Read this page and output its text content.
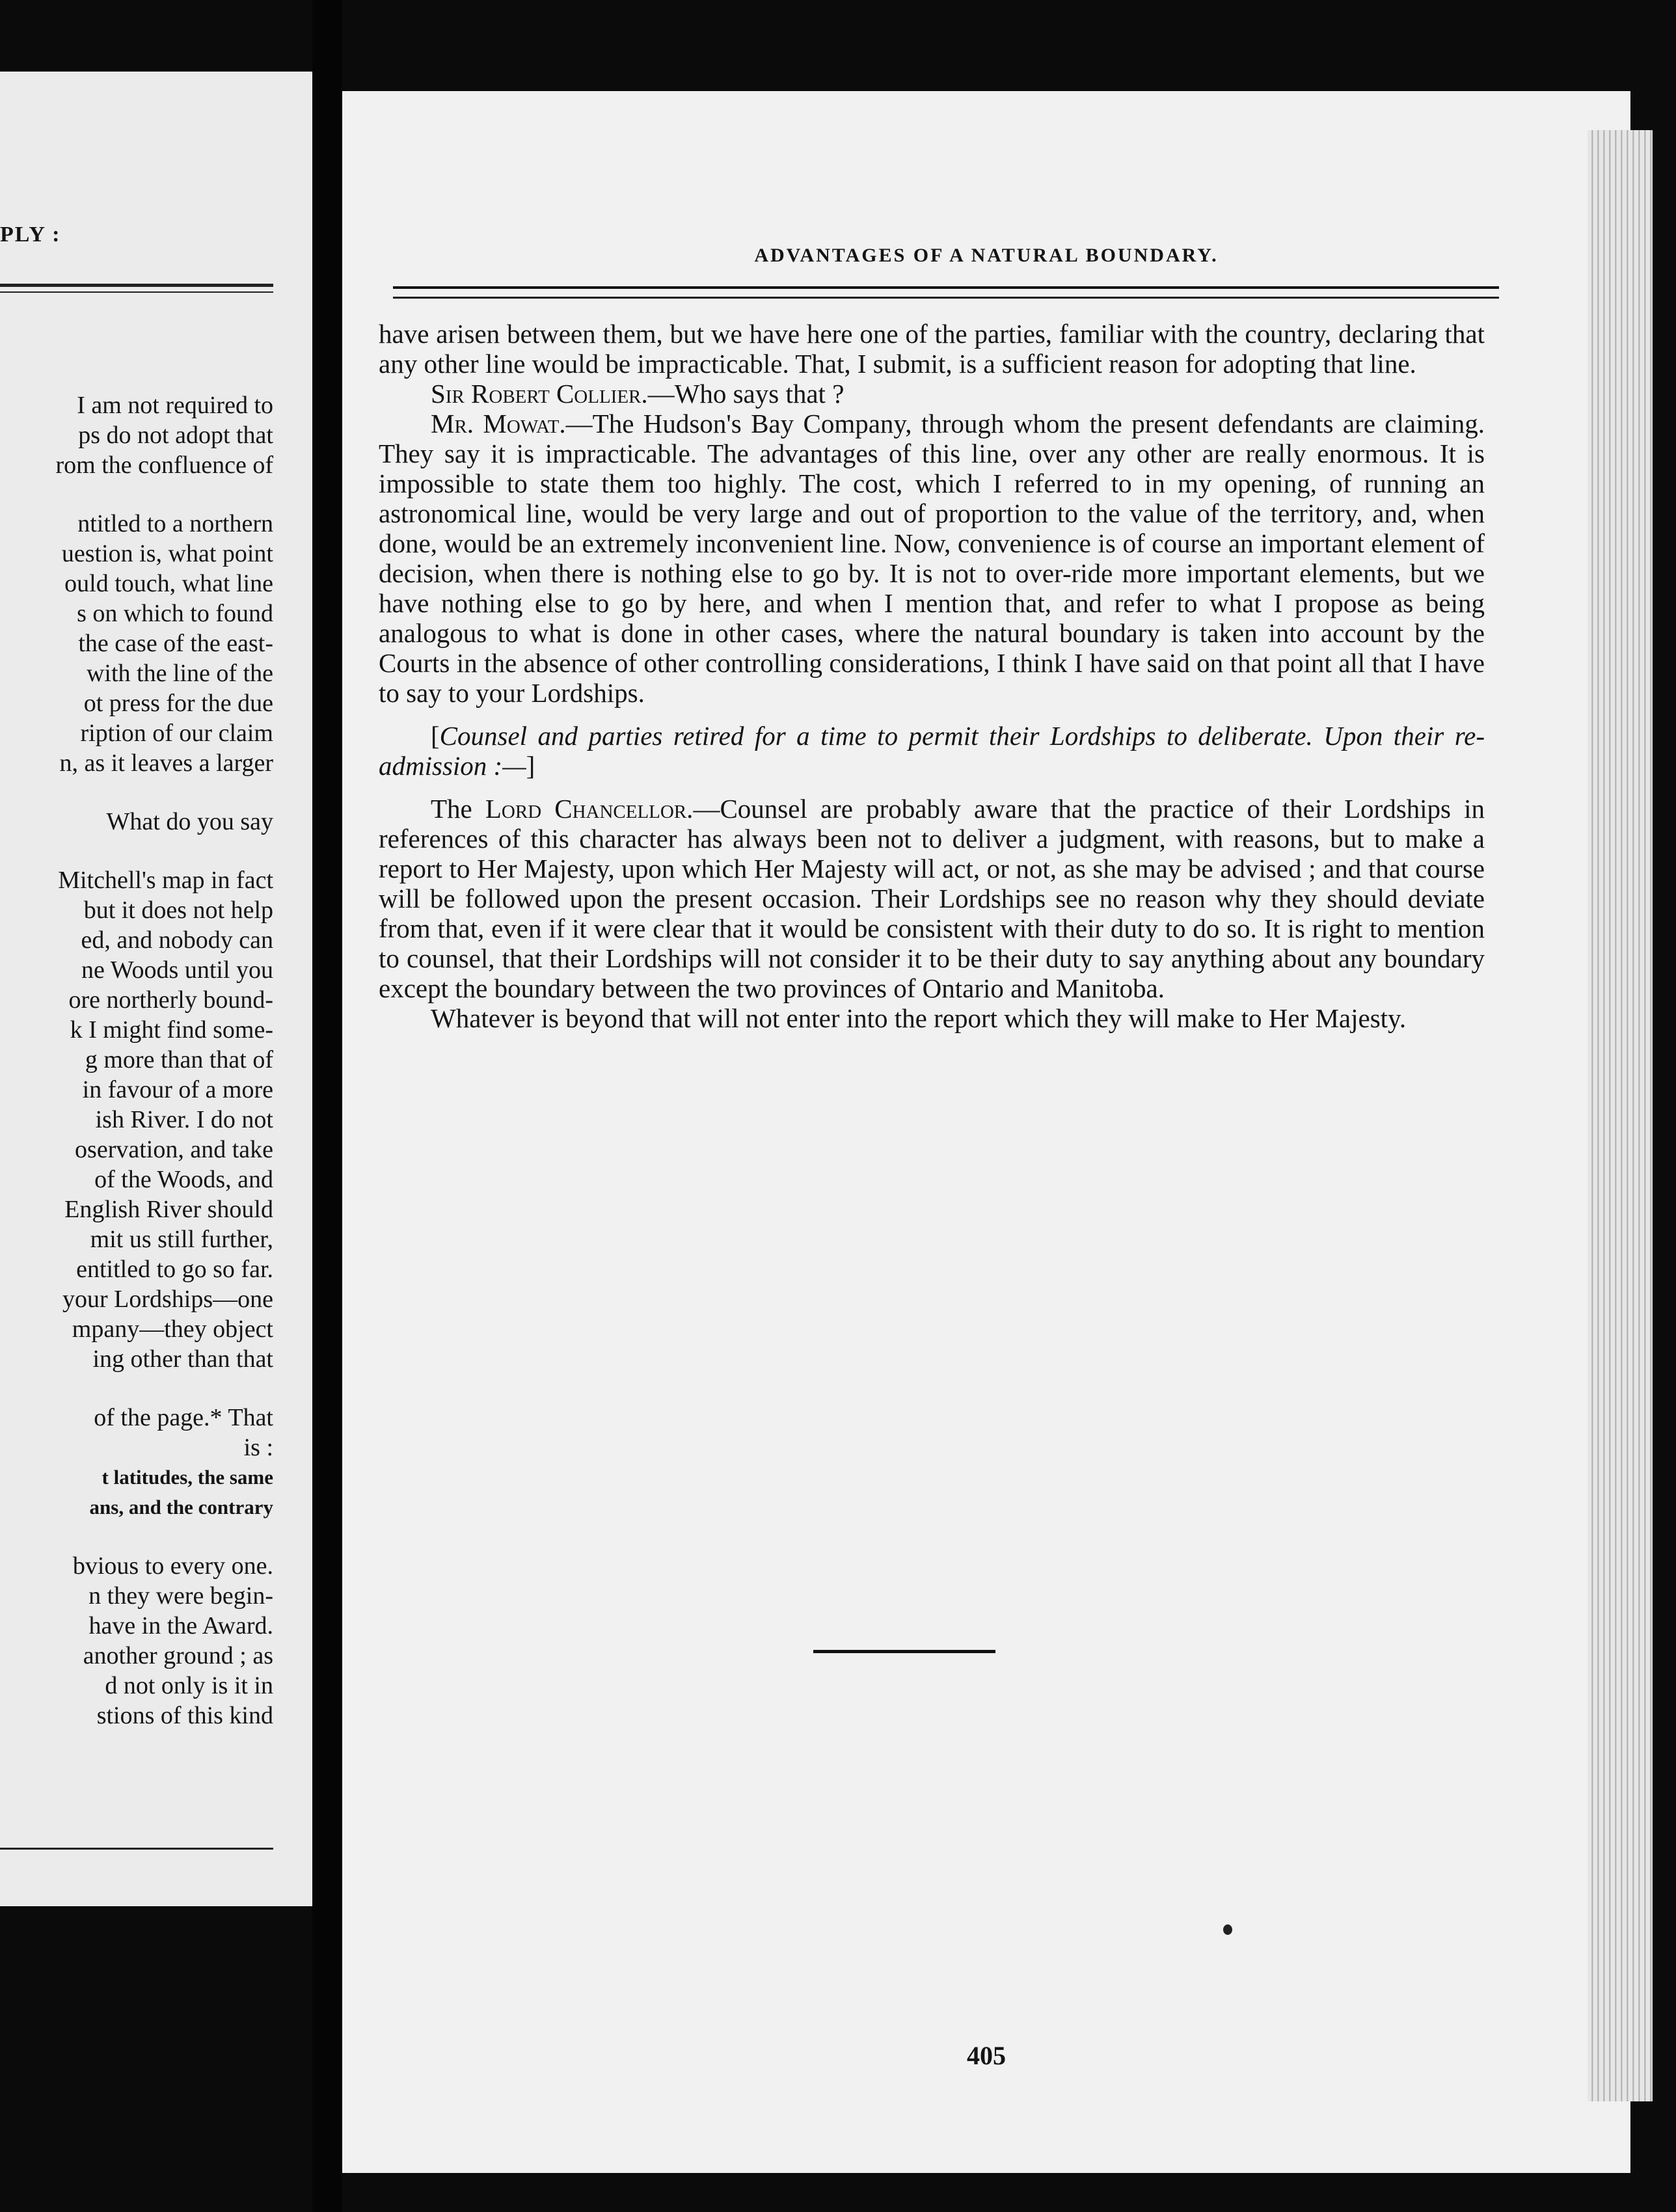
PLY :
I am not required to
ps do not adopt that
rom the confluence of
ntitled to a northern
uestion is, what point
ould touch, what line
s on which to found
the case of the east-
with the line of the
ot press for the due
ription of our claim
n, as it leaves a larger
What do you say
Mitchell's map in fact
but it does not help
ed, and nobody can
ne Woods until you
ore northerly bound-
k I might find some-
g more than that of
in favour of a more
ish River. I do not
oservation, and take
of the Woods, and
English River should
mit us still further,
entitled to go so far.
your Lordships—one
mpany—they object
ing other than that
of the page.* That
is :
t latitudes, the same
ans, and the contrary
bvious to every one.
n they were begin-
have in the Award.
another ground ; as
d not only is it in
stions of this kind
ADVANTAGES OF A NATURAL BOUNDARY.

have arisen between them, but we have here one of the parties, familiar with the country, declaring that any other line would be impracticable. That, I submit, is a sufficient reason for adopting that line.

Sir Robert Collier.—Who says that ?

Mr. Mowat.—The Hudson's Bay Company, through whom the present defendants are claiming. They say it is impracticable. The advantages of this line, over any other are really enormous. It is impossible to state them too highly. The cost, which I referred to in my opening, of running an astronomical line, would be very large and out of proportion to the value of the territory, and, when done, would be an extremely inconvenient line. Now, convenience is of course an important element of decision, when there is nothing else to go by. It is not to over-ride more important elements, but we have nothing else to go by here, and when I mention that, and refer to what I propose as being analogous to what is done in other cases, where the natural boundary is taken into account by the Courts in the absence of other controlling considerations, I think I have said on that point all that I have to say to your Lordships.

[Counsel and parties retired for a time to permit their Lordships to deliberate. Upon their re-admission :—]

The Lord Chancellor.—Counsel are probably aware that the practice of their Lordships in references of this character has always been not to deliver a judgment, with reasons, but to make a report to Her Majesty, upon which Her Majesty will act, or not, as she may be advised ; and that course will be followed upon the present occasion. Their Lordships see no reason why they should deviate from that, even if it were clear that it would be consistent with their duty to do so. It is right to mention to counsel, that their Lordships will not consider it to be their duty to say anything about any boundary except the boundary between the two provinces of Ontario and Manitoba.

Whatever is beyond that will not enter into the report which they will make to Her Majesty.

405
